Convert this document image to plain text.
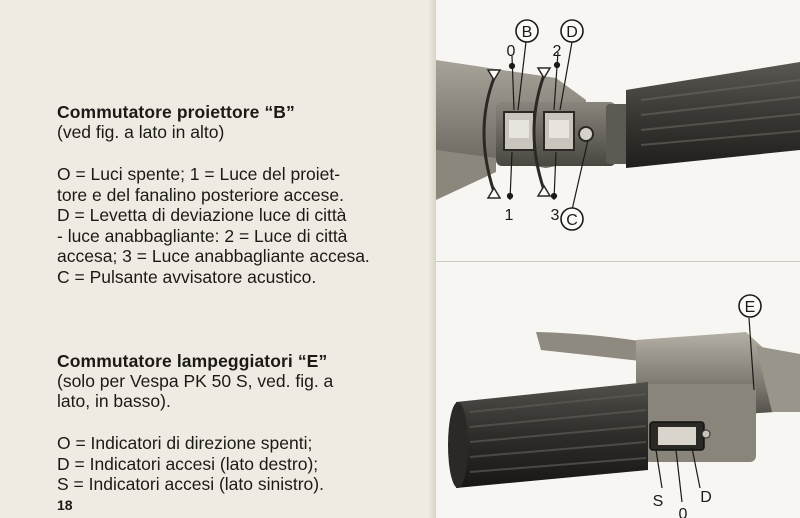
Commutatore proiettore “B”

(ved fig. a lato in alto)

O = Luci spente; 1 = Luce del proiet-
tore e del fanalino posteriore accese.
D = Levetta di deviazione luce di città
- luce anabbagliante: 2 = Luce di città
accesa; 3 = Luce anabbagliante accesa.
C = Pulsante avvisatore acustico.

Commutatore lampeggiatori “E”

(solo per Vespa PK 50 S, ved. fig. a

lato, in basso).

O = Indicatori di direzione spenti;
D = Indicatori accesi (lato destro);
S = Indicatori accesi (lato sinistro).
18
B D
C
0 2
1 3
E
S
0
D
